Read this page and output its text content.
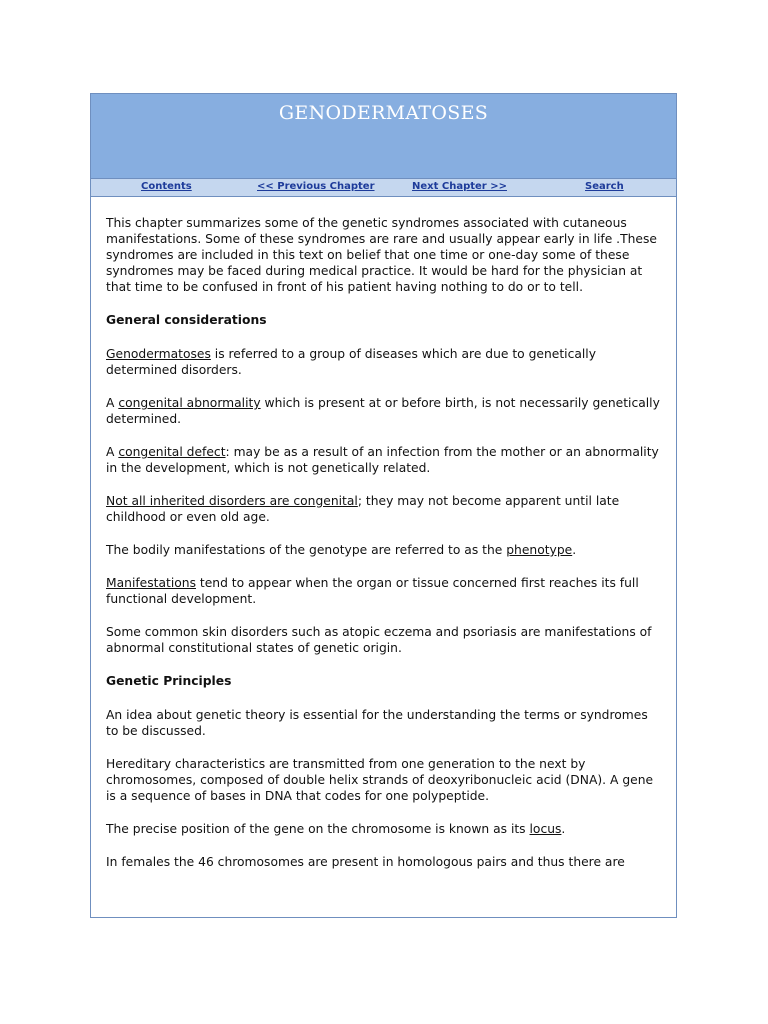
GENODERMATOSES
Contents	<< Previous Chapter	Next Chapter >>	Search

This chapter summarizes some of the genetic syndromes associated with cutaneous manifestations. Some of these syndromes are rare and usually appear early in life .These syndromes are included in this text on belief that one time or one-day some of these syndromes may be faced during medical practice. It would be hard for the physician at that time to be confused in front of his patient having nothing to do or to tell.

General considerations

Genodermatoses is referred to a group of diseases which are due to genetically determined disorders.

A congenital abnormality which is present at or before birth, is not necessarily genetically determined.

A congenital defect: may be as a result of an infection from the mother or an abnormality in the development, which is not genetically related.

Not all inherited disorders are congenital; they may not become apparent until late childhood or even old age.

The bodily manifestations of the genotype are referred to as the phenotype.

Manifestations tend to appear when the organ or tissue concerned first reaches its full functional development.

Some common skin disorders such as atopic eczema and psoriasis are manifestations of abnormal constitutional states of genetic origin.

Genetic Principles

An idea about genetic theory is essential for the understanding the terms or syndromes to be discussed.

Hereditary characteristics are transmitted from one generation to the next by chromosomes, composed of double helix strands of deoxyribonucleic acid (DNA). A gene is a sequence of bases in DNA that codes for one polypeptide.

The precise position of the gene on the chromosome is known as its locus.

In females the 46 chromosomes are present in homologous pairs and thus there are
